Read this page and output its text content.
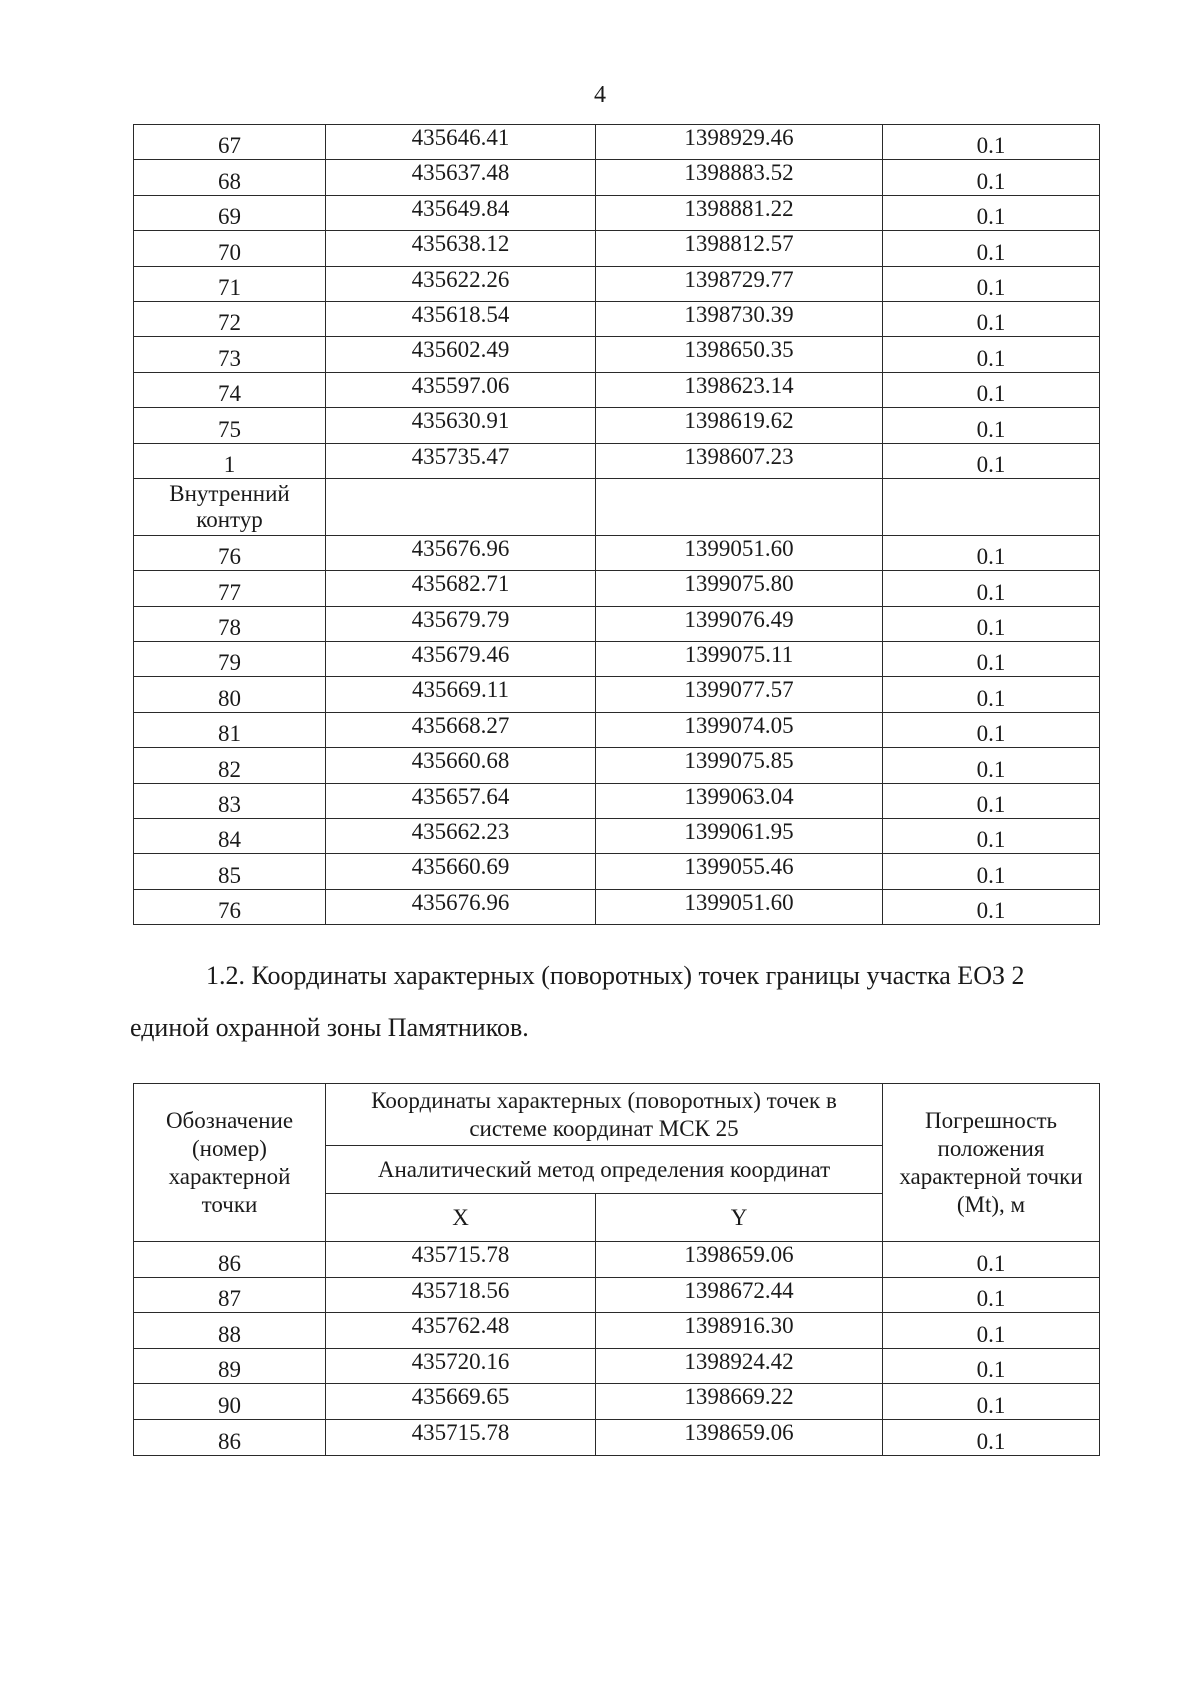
4
67	435646.41	1398929.46	0.1
68	435637.48	1398883.52	0.1
69	435649.84	1398881.22	0.1
70	435638.12	1398812.57	0.1
71	435622.26	1398729.77	0.1
72	435618.54	1398730.39	0.1
73	435602.49	1398650.35	0.1
74	435597.06	1398623.14	0.1
75	435630.91	1398619.62	0.1
1	435735.47	1398607.23	0.1
Внутренний контур			
76	435676.96	1399051.60	0.1
77	435682.71	1399075.80	0.1
78	435679.79	1399076.49	0.1
79	435679.46	1399075.11	0.1
80	435669.11	1399077.57	0.1
81	435668.27	1399074.05	0.1
82	435660.68	1399075.85	0.1
83	435657.64	1399063.04	0.1
84	435662.23	1399061.95	0.1
85	435660.69	1399055.46	0.1
76	435676.96	1399051.60	0.1

1.2. Координаты характерных (поворотных) точек границы участка ЕОЗ 2 единой охранной зоны Памятников.

Обозначение (номер) характерной точки	Координаты характерных (поворотных) точек в системе координат МСК 25		Погрешность положения характерной точки (Mt), м
	Аналитический метод определения координат		
	X	Y	
86	435715.78	1398659.06	0.1
87	435718.56	1398672.44	0.1
88	435762.48	1398916.30	0.1
89	435720.16	1398924.42	0.1
90	435669.65	1398669.22	0.1
86	435715.78	1398659.06	0.1
